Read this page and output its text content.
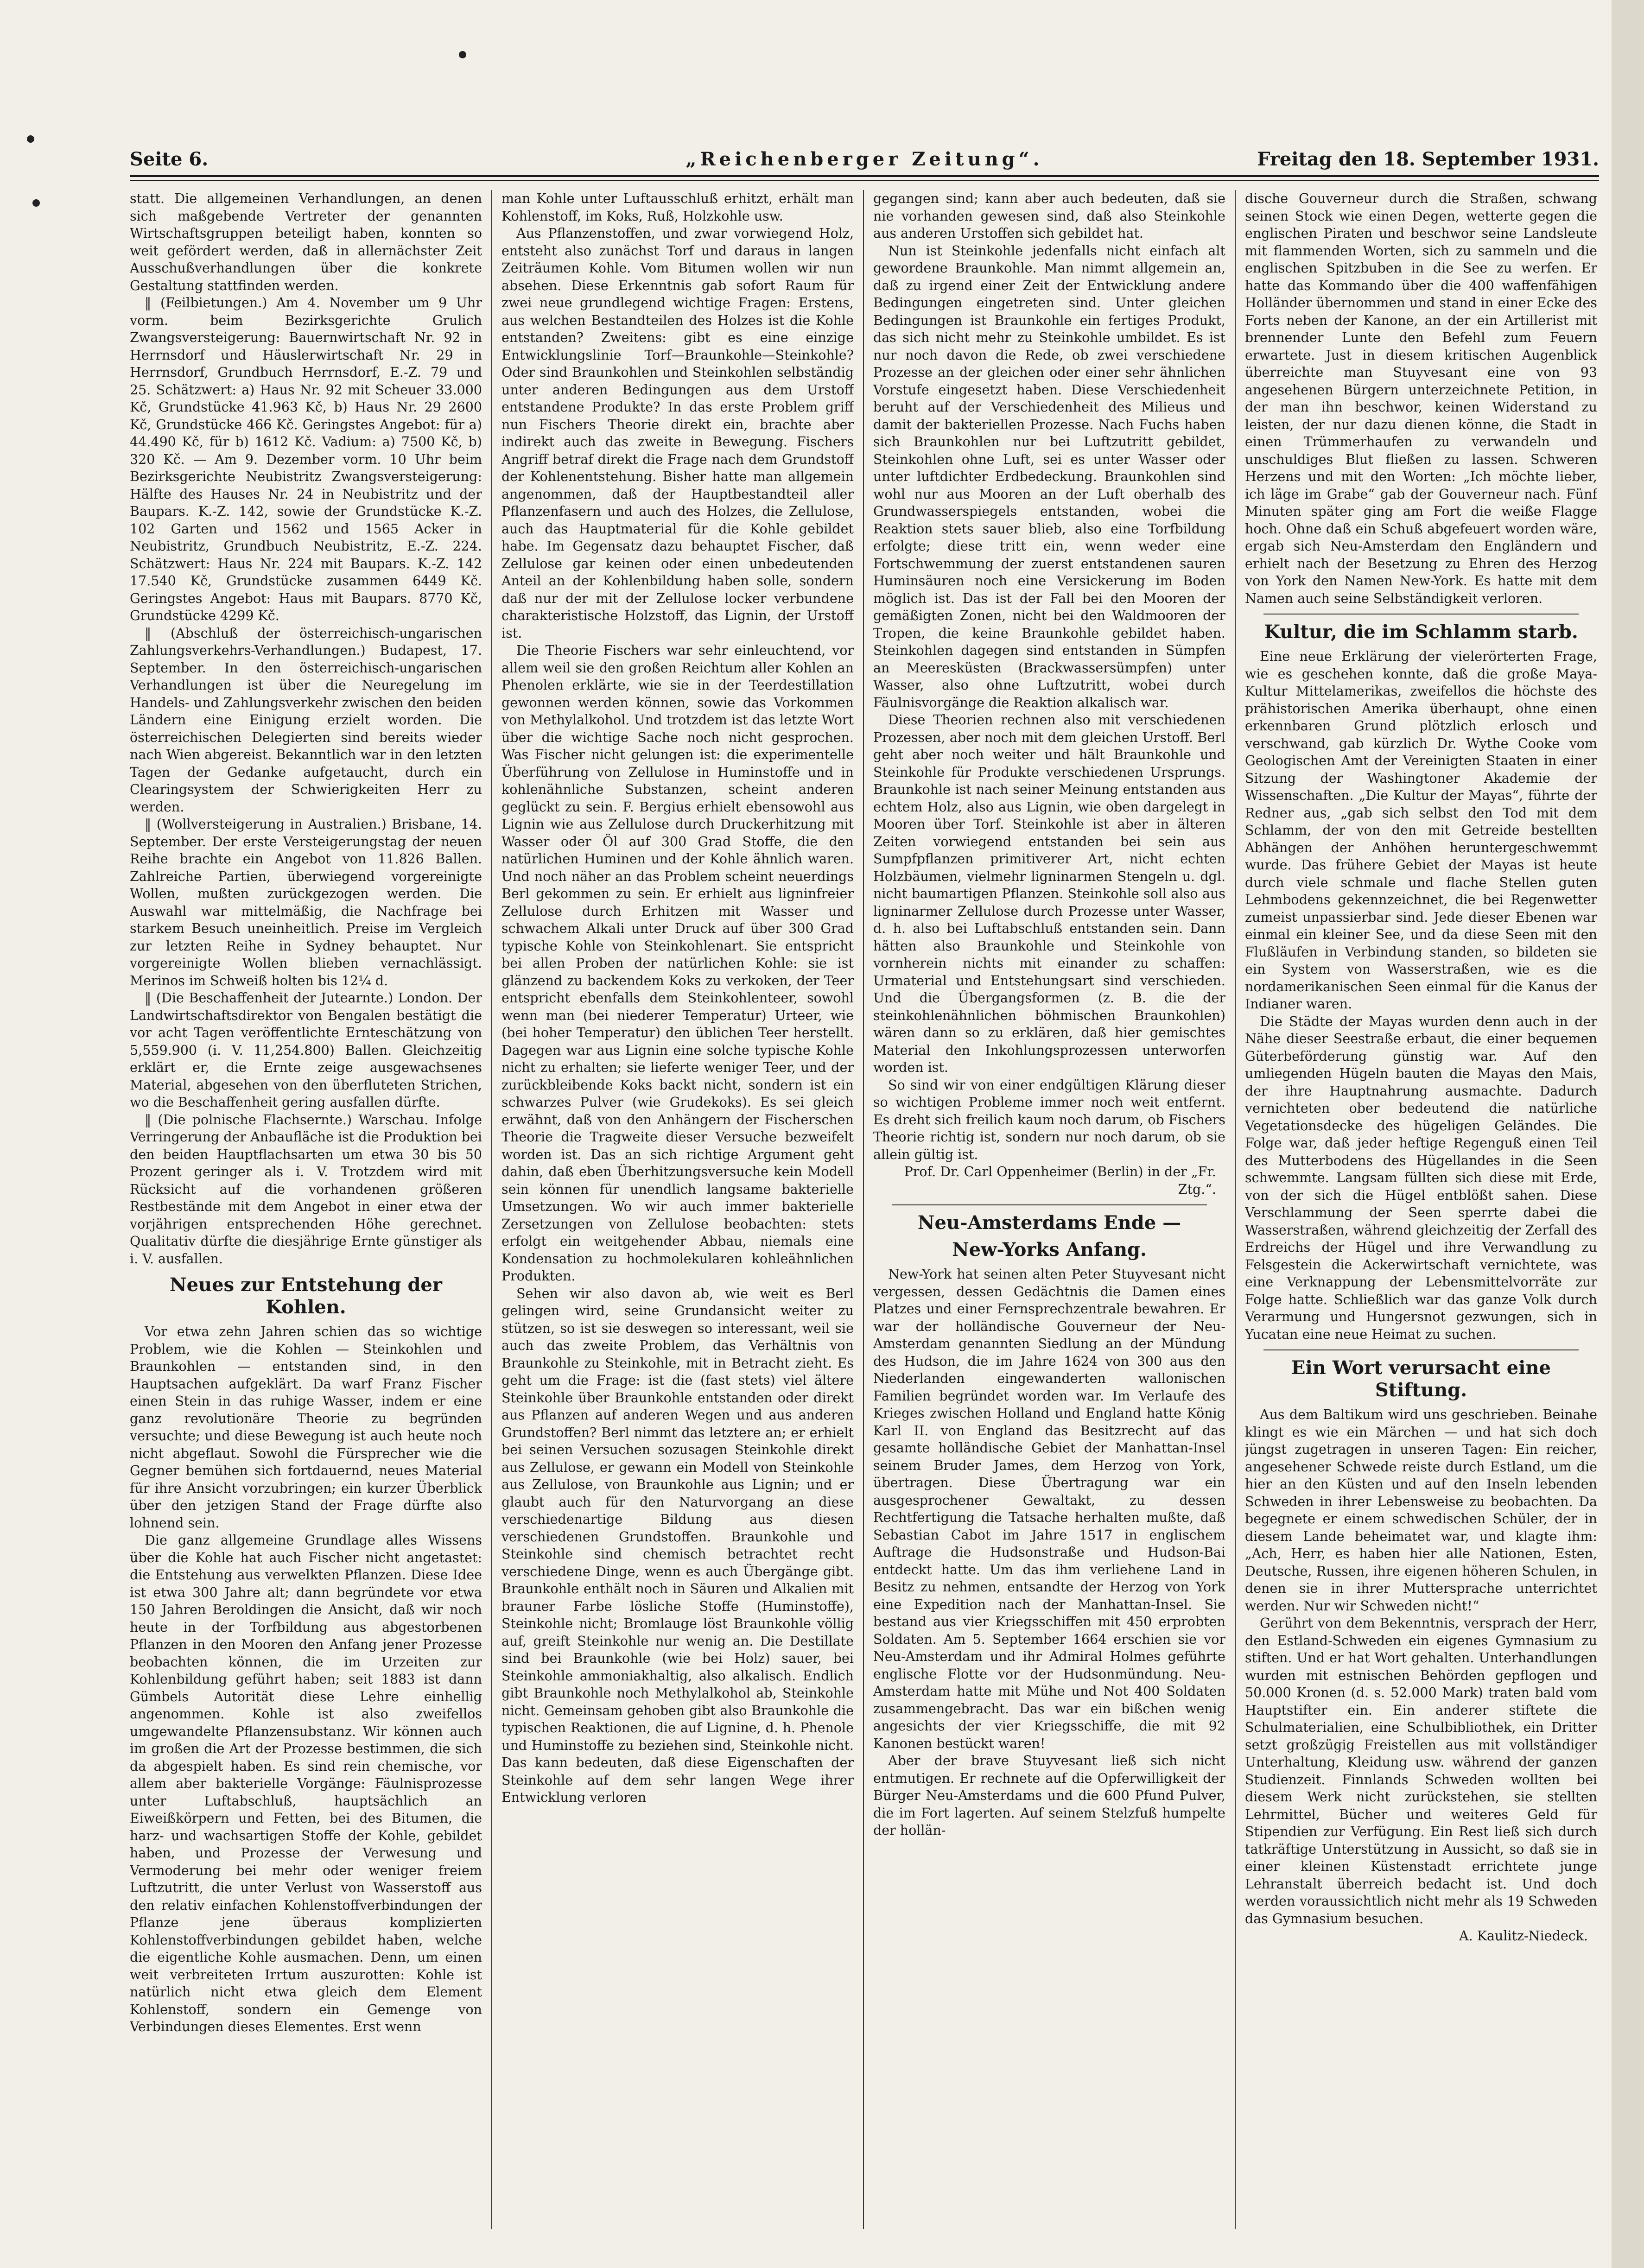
Seite 6.	„Reichenberger Zeitung“.	Freitag den 18. September 1931.

statt. Die allgemeinen Verhandlungen, an denen sich maßgebende Vertreter der genannten Wirtschaftsgruppen beteiligt haben, konnten so weit gefördert werden, daß in allernächster Zeit Ausschußverhandlungen über die konkrete Gestaltung stattfinden werden.

‖ (Feilbietungen.) Am 4. November um 9 Uhr vorm. beim Bezirksgerichte Grulich Zwangsversteigerung: Bauernwirtschaft Nr. 92 in Herrnsdorf und Häuslerwirtschaft Nr. 29 in Herrnsdorf, Grundbuch Herrnsdorf, E.-Z. 79 und 25. Schätzwert: a) Haus Nr. 92 mit Scheuer 33.000 Kč, Grundstücke 41.963 Kč, b) Haus Nr. 29 2600 Kč, Grundstücke 466 Kč. Geringstes Angebot: für a) 44.490 Kč, für b) 1612 Kč. Vadium: a) 7500 Kč, b) 320 Kč. — Am 9. Dezember vorm. 10 Uhr beim Bezirksgerichte Neubistritz Zwangsversteigerung: Hälfte des Hauses Nr. 24 in Neubistritz und der Baupars. K.-Z. 142, sowie der Grundstücke K.-Z. 102 Garten und 1562 und 1565 Acker in Neubistritz, Grundbuch Neubistritz, E.-Z. 224. Schätzwert: Haus Nr. 224 mit Baupars. K.-Z. 142 17.540 Kč, Grundstücke zusammen 6449 Kč. Geringstes Angebot: Haus mit Baupars. 8770 Kč, Grundstücke 4299 Kč.

‖ (Abschluß der österreichisch-ungarischen Zahlungsverkehrs-Verhandlungen.) Budapest, 17. September. In den österreichisch-ungarischen Verhandlungen ist über die Neuregelung im Handels- und Zahlungsverkehr zwischen den beiden Ländern eine Einigung erzielt worden. Die österreichischen Delegierten sind bereits wieder nach Wien abgereist. Bekanntlich war in den letzten Tagen der Gedanke aufgetaucht, durch ein Clearingsystem der Schwierigkeiten Herr zu werden.

‖ (Wollversteigerung in Australien.) Brisbane, 14. September. Der erste Versteigerungstag der neuen Reihe brachte ein Angebot von 11.826 Ballen. Zahlreiche Partien, überwiegend vorgereinigte Wollen, mußten zurückgezogen werden. Die Auswahl war mittelmäßig, die Nachfrage bei starkem Besuch uneinheitlich. Preise im Vergleich zur letzten Reihe in Sydney behauptet. Nur vorgereinigte Wollen blieben vernachlässigt. Merinos im Schweiß holten bis 12¼ d.

‖ (Die Beschaffenheit der Jutearnte.) London. Der Landwirtschaftsdirektor von Bengalen bestätigt die vor acht Tagen veröffentlichte Ernteschätzung von 5,559.900 (i. V. 11,254.800) Ballen. Gleichzeitig erklärt er, die Ernte zeige ausgewachsenes Material, abgesehen von den überfluteten Strichen, wo die Beschaffenheit gering ausfallen dürfte.

‖ (Die polnische Flachsernte.) Warschau. Infolge Verringerung der Anbaufläche ist die Produktion bei den beiden Hauptflachsarten um etwa 30 bis 50 Prozent geringer als i. V. Trotzdem wird mit Rücksicht auf die vorhandenen größeren Restbestände mit dem Angebot in einer etwa der vorjährigen entsprechenden Höhe gerechnet. Qualitativ dürfte die diesjährige Ernte günstiger als i. V. ausfallen.

Neues zur Entstehung der Kohlen.

Vor etwa zehn Jahren schien das so wichtige Problem, wie die Kohlen — Steinkohlen und Braunkohlen — entstanden sind, in den Hauptsachen aufgeklärt. Da warf Franz Fischer einen Stein in das ruhige Wasser, indem er eine ganz revolutionäre Theorie zu begründen versuchte; und diese Bewegung ist auch heute noch nicht abgeflaut. Sowohl die Fürsprecher wie die Gegner bemühen sich fortdauernd, neues Material für ihre Ansicht vorzubringen; ein kurzer Überblick über den jetzigen Stand der Frage dürfte also lohnend sein.

Die ganz allgemeine Grundlage alles Wissens über die Kohle hat auch Fischer nicht angetastet: die Entstehung aus verwelkten Pflanzen. Diese Idee ist etwa 300 Jahre alt; dann begründete vor etwa 150 Jahren Beroldingen die Ansicht, daß wir noch heute in der Torfbildung aus abgestorbenen Pflanzen in den Mooren den Anfang jener Prozesse beobachten können, die im Urzeiten zur Kohlenbildung geführt haben; seit 1883 ist dann Gümbels Autorität diese Lehre einhellig angenommen. Kohle ist also zweifellos umgewandelte Pflanzensubstanz. Wir können auch im großen die Art der Prozesse bestimmen, die sich da abgespielt haben. Es sind rein chemische, vor allem aber bakterielle Vorgänge: Fäulnisprozesse unter Luftabschluß, hauptsächlich an Eiweißkörpern und Fetten, bei des Bitumen, die harz- und wachsartigen Stoffe der Kohle, gebildet haben, und Prozesse der Verwesung und Vermoderung bei mehr oder weniger freiem Luftzutritt, die unter Verlust von Wasserstoff aus den relativ einfachen Kohlenstoffverbindungen der Pflanze jene überaus komplizierten Kohlenstoffverbindungen gebildet haben, welche die eigentliche Kohle ausmachen. Denn, um einen weit verbreiteten Irrtum auszurotten: Kohle ist natürlich nicht etwa gleich dem Element Kohlenstoff, sondern ein Gemenge von Verbindungen dieses Elementes. Erst wenn

man Kohle unter Luftausschluß erhitzt, erhält man Kohlenstoff, im Koks, Ruß, Holzkohle usw.

Aus Pflanzenstoffen, und zwar vorwiegend Holz, entsteht also zunächst Torf und daraus in langen Zeiträumen Kohle. Vom Bitumen wollen wir nun absehen. Diese Erkenntnis gab sofort Raum für zwei neue grundlegend wichtige Fragen: Erstens, aus welchen Bestandteilen des Holzes ist die Kohle entstanden? Zweitens: gibt es eine einzige Entwicklungslinie Torf—Braunkohle—Steinkohle? Oder sind Braunkohlen und Steinkohlen selbständig unter anderen Bedingungen aus dem Urstoff entstandene Produkte? In das erste Problem griff nun Fischers Theorie direkt ein, brachte aber indirekt auch das zweite in Bewegung. Fischers Angriff betraf direkt die Frage nach dem Grundstoff der Kohlenentstehung. Bisher hatte man allgemein angenommen, daß der Hauptbestandteil aller Pflanzenfasern und auch des Holzes, die Zellulose, auch das Hauptmaterial für die Kohle gebildet habe. Im Gegensatz dazu behauptet Fischer, daß Zellulose gar keinen oder einen unbedeutenden Anteil an der Kohlenbildung haben solle, sondern daß nur der mit der Zellulose locker verbundene charakteristische Holzstoff, das Lignin, der Urstoff ist.

Die Theorie Fischers war sehr einleuchtend, vor allem weil sie den großen Reichtum aller Kohlen an Phenolen erklärte, wie sie in der Teerdestillation gewonnen werden können, sowie das Vorkommen von Methylalkohol. Und trotzdem ist das letzte Wort über die wichtige Sache noch nicht gesprochen. Was Fischer nicht gelungen ist: die experimentelle Überführung von Zellulose in Huminstoffe und in kohlenähnliche Substanzen, scheint anderen geglückt zu sein. F. Bergius erhielt ebensowohl aus Lignin wie aus Zellulose durch Druckerhitzung mit Wasser oder Öl auf 300 Grad Stoffe, die den natürlichen Huminen und der Kohle ähnlich waren. Und noch näher an das Problem scheint neuerdings Berl gekommen zu sein. Er erhielt aus ligninfreier Zellulose durch Erhitzen mit Wasser und schwachem Alkali unter Druck auf über 300 Grad typische Kohle von Steinkohlenart. Sie entspricht bei allen Proben der natürlichen Kohle: sie ist glänzend zu backendem Koks zu verkoken, der Teer entspricht ebenfalls dem Steinkohlenteer, sowohl wenn man (bei niederer Temperatur) Urteer, wie (bei hoher Temperatur) den üblichen Teer herstellt. Dagegen war aus Lignin eine solche typische Kohle nicht zu erhalten; sie lieferte weniger Teer, und der zurückbleibende Koks backt nicht, sondern ist ein schwarzes Pulver (wie Grudekoks). Es sei gleich erwähnt, daß von den Anhängern der Fischerschen Theorie die Tragweite dieser Versuche bezweifelt worden ist. Das an sich richtige Argument geht dahin, daß eben Überhitzungsversuche kein Modell sein können für unendlich langsame bakterielle Umsetzungen. Wo wir auch immer bakterielle Zersetzungen von Zellulose beobachten: stets erfolgt ein weitgehender Abbau, niemals eine Kondensation zu hochmolekularen kohleähnlichen Produkten.

Sehen wir also davon ab, wie weit es Berl gelingen wird, seine Grundansicht weiter zu stützen, so ist sie deswegen so interessant, weil sie auch das zweite Problem, das Verhältnis von Braunkohle zu Steinkohle, mit in Betracht zieht. Es geht um die Frage: ist die (fast stets) viel ältere Steinkohle über Braunkohle entstanden oder direkt aus Pflanzen auf anderen Wegen und aus anderen Grundstoffen? Berl nimmt das letztere an; er erhielt bei seinen Versuchen sozusagen Steinkohle direkt aus Zellulose, er gewann ein Modell von Steinkohle aus Zellulose, von Braunkohle aus Lignin; und er glaubt auch für den Naturvorgang an diese verschiedenartige Bildung aus diesen verschiedenen Grundstoffen. Braunkohle und Steinkohle sind chemisch betrachtet recht verschiedene Dinge, wenn es auch Übergänge gibt. Braunkohle enthält noch in Säuren und Alkalien mit brauner Farbe lösliche Stoffe (Huminstoffe), Steinkohle nicht; Bromlauge löst Braunkohle völlig auf, greift Steinkohle nur wenig an. Die Destillate sind bei Braunkohle (wie bei Holz) sauer, bei Steinkohle ammoniakhaltig, also alkalisch. Endlich gibt Braunkohle noch Methylalkohol ab, Steinkohle nicht. Gemeinsam gehoben gibt also Braunkohle die typischen Reaktionen, die auf Lignine, d. h. Phenole und Huminstoffe zu beziehen sind, Steinkohle nicht. Das kann bedeuten, daß diese Eigenschaften der Steinkohle auf dem sehr langen Wege ihrer Entwicklung verloren

gegangen sind; kann aber auch bedeuten, daß sie nie vorhanden gewesen sind, daß also Steinkohle aus anderen Urstoffen sich gebildet hat.

Nun ist Steinkohle jedenfalls nicht einfach alt gewordene Braunkohle. Man nimmt allgemein an, daß zu irgend einer Zeit der Entwicklung andere Bedingungen eingetreten sind. Unter gleichen Bedingungen ist Braunkohle ein fertiges Produkt, das sich nicht mehr zu Steinkohle umbildet. Es ist nur noch davon die Rede, ob zwei verschiedene Prozesse an der gleichen oder einer sehr ähnlichen Vorstufe eingesetzt haben. Diese Verschiedenheit beruht auf der Verschiedenheit des Milieus und damit der bakteriellen Prozesse. Nach Fuchs haben sich Braunkohlen nur bei Luftzutritt gebildet, Steinkohlen ohne Luft, sei es unter Wasser oder unter luftdichter Erdbedeckung. Braunkohlen sind wohl nur aus Mooren an der Luft oberhalb des Grundwasserspiegels entstanden, wobei die Reaktion stets sauer blieb, also eine Torfbildung erfolgte; diese tritt ein, wenn weder eine Fortschwemmung der zuerst entstandenen sauren Huminsäuren noch eine Versickerung im Boden möglich ist. Das ist der Fall bei den Mooren der gemäßigten Zonen, nicht bei den Waldmooren der Tropen, die keine Braunkohle gebildet haben. Steinkohlen dagegen sind entstanden in Sümpfen an Meeresküsten (Brackwassersümpfen) unter Wasser, also ohne Luftzutritt, wobei durch Fäulnisvorgänge die Reaktion alkalisch war.

Diese Theorien rechnen also mit verschiedenen Prozessen, aber noch mit dem gleichen Urstoff. Berl geht aber noch weiter und hält Braunkohle und Steinkohle für Produkte verschiedenen Ursprungs. Braunkohle ist nach seiner Meinung entstanden aus echtem Holz, also aus Lignin, wie oben dargelegt in Mooren über Torf. Steinkohle ist aber in älteren Zeiten vorwiegend entstanden bei sein aus Sumpfpflanzen primitiverer Art, nicht echten Holzbäumen, vielmehr ligninarmen Stengeln u. dgl. nicht baumartigen Pflanzen. Steinkohle soll also aus ligninarmer Zellulose durch Prozesse unter Wasser, d. h. also bei Luftabschluß entstanden sein. Dann hätten also Braunkohle und Steinkohle von vornherein nichts mit einander zu schaffen: Urmaterial und Entstehungsart sind verschieden. Und die Übergangsformen (z. B. die der steinkohlenähnlichen böhmischen Braunkohlen) wären dann so zu erklären, daß hier gemischtes Material den Inkohlungsprozessen unterworfen worden ist.

So sind wir von einer endgültigen Klärung dieser so wichtigen Probleme immer noch weit entfernt. Es dreht sich freilich kaum noch darum, ob Fischers Theorie richtig ist, sondern nur noch darum, ob sie allein gültig ist.

Prof. Dr. Carl Oppenheimer (Berlin) in der „Fr. Ztg.“.

Neu-Amsterdams Ende —
New-Yorks Anfang.

New-York hat seinen alten Peter Stuyvesant nicht vergessen, dessen Gedächtnis die Damen eines Platzes und einer Fernsprechzentrale bewahren. Er war der holländische Gouverneur der Neu-Amsterdam genannten Siedlung an der Mündung des Hudson, die im Jahre 1624 von 300 aus den Niederlanden eingewanderten wallonischen Familien begründet worden war. Im Verlaufe des Krieges zwischen Holland und England hatte König Karl II. von England das Besitzrecht auf das gesamte holländische Gebiet der Manhattan-Insel seinem Bruder James, dem Herzog von York, übertragen. Diese Übertragung war ein ausgesprochener Gewaltakt, zu dessen Rechtfertigung die Tatsache herhalten mußte, daß Sebastian Cabot im Jahre 1517 in englischem Auftrage die Hudsonstraße und Hudson-Bai entdeckt hatte. Um das ihm verliehene Land in Besitz zu nehmen, entsandte der Herzog von York eine Expedition nach der Manhattan-Insel. Sie bestand aus vier Kriegsschiffen mit 450 erprobten Soldaten. Am 5. September 1664 erschien sie vor Neu-Amsterdam und ihr Admiral Holmes geführte englische Flotte vor der Hudsonmündung. Neu-Amsterdam hatte mit Mühe und Not 400 Soldaten zusammengebracht. Das war ein bißchen wenig angesichts der vier Kriegsschiffe, die mit 92 Kanonen bestückt waren!

Aber der brave Stuyvesant ließ sich nicht entmutigen. Er rechnete auf die Opferwilligkeit der Bürger Neu-Amsterdams und die 600 Pfund Pulver, die im Fort lagerten. Auf seinem Stelzfuß humpelte der hollän-

dische Gouverneur durch die Straßen, schwang seinen Stock wie einen Degen, wetterte gegen die englischen Piraten und beschwor seine Landsleute mit flammenden Worten, sich zu sammeln und die englischen Spitzbuben in die See zu werfen. Er hatte das Kommando über die 400 waffenfähigen Holländer übernommen und stand in einer Ecke des Forts neben der Kanone, an der ein Artillerist mit brennender Lunte den Befehl zum Feuern erwartete. Just in diesem kritischen Augenblick überreichte man Stuyvesant eine von 93 angesehenen Bürgern unterzeichnete Petition, in der man ihn beschwor, keinen Widerstand zu leisten, der nur dazu dienen könne, die Stadt in einen Trümmerhaufen zu verwandeln und unschuldiges Blut fließen zu lassen. Schweren Herzens und mit den Worten: „Ich möchte lieber, ich läge im Grabe“ gab der Gouverneur nach. Fünf Minuten später ging am Fort die weiße Flagge hoch. Ohne daß ein Schuß abgefeuert worden wäre, ergab sich Neu-Amsterdam den Engländern und erhielt nach der Besetzung zu Ehren des Herzog von York den Namen New-York. Es hatte mit dem Namen auch seine Selbständigkeit verloren.

Kultur, die im Schlamm starb.

Eine neue Erklärung der vielerörterten Frage, wie es geschehen konnte, daß die große Maya-Kultur Mittelamerikas, zweifellos die höchste des prähistorischen Amerika überhaupt, ohne einen erkennbaren Grund plötzlich erlosch und verschwand, gab kürzlich Dr. Wythe Cooke vom Geologischen Amt der Vereinigten Staaten in einer Sitzung der Washingtoner Akademie der Wissenschaften. „Die Kultur der Mayas“, führte der Redner aus, „gab sich selbst den Tod mit dem Schlamm, der von den mit Getreide bestellten Abhängen der Anhöhen heruntergeschwemmt wurde. Das frühere Gebiet der Mayas ist heute durch viele schmale und flache Stellen guten Lehmbodens gekennzeichnet, die bei Regenwetter zumeist unpassierbar sind. Jede dieser Ebenen war einmal ein kleiner See, und da diese Seen mit den Flußläufen in Verbindung standen, so bildeten sie ein System von Wasserstraßen, wie es die nordamerikanischen Seen einmal für die Kanus der Indianer waren.

Die Städte der Mayas wurden denn auch in der Nähe dieser Seestraße erbaut, die einer bequemen Güterbeförderung günstig war. Auf den umliegenden Hügeln bauten die Mayas den Mais, der ihre Hauptnahrung ausmachte. Dadurch vernichteten ober bedeutend die natürliche Vegetationsdecke des hügeligen Geländes. Die Folge war, daß jeder heftige Regenguß einen Teil des Mutterbodens des Hügellandes in die Seen schwemmte. Langsam füllten sich diese mit Erde, von der sich die Hügel entblößt sahen. Diese Verschlammung der Seen sperrte dabei die Wasserstraßen, während gleichzeitig der Zerfall des Erdreichs der Hügel und ihre Verwandlung zu Felsgestein die Ackerwirtschaft vernichtete, was eine Verknappung der Lebensmittelvorräte zur Folge hatte. Schließlich war das ganze Volk durch Verarmung und Hungersnot gezwungen, sich in Yucatan eine neue Heimat zu suchen.

Ein Wort verursacht eine Stiftung.

Aus dem Baltikum wird uns geschrieben. Beinahe klingt es wie ein Märchen — und hat sich doch jüngst zugetragen in unseren Tagen: Ein reicher, angesehener Schwede reiste durch Estland, um die hier an den Küsten und auf den Inseln lebenden Schweden in ihrer Lebensweise zu beobachten. Da begegnete er einem schwedischen Schüler, der in diesem Lande beheimatet war, und klagte ihm: „Ach, Herr, es haben hier alle Nationen, Esten, Deutsche, Russen, ihre eigenen höheren Schulen, in denen sie in ihrer Muttersprache unterrichtet werden. Nur wir Schweden nicht!“

Gerührt von dem Bekenntnis, versprach der Herr, den Estland-Schweden ein eigenes Gymnasium zu stiften. Und er hat Wort gehalten. Unterhandlungen wurden mit estnischen Behörden gepflogen und 50.000 Kronen (d. s. 52.000 Mark) traten bald vom Hauptstifter ein. Ein anderer stiftete die Schulmaterialien, eine Schulbibliothek, ein Dritter setzt großzügig Freistellen aus mit vollständiger Unterhaltung, Kleidung usw. während der ganzen Studienzeit. Finnlands Schweden wollten bei diesem Werk nicht zurückstehen, sie stellten Lehrmittel, Bücher und weiteres Geld für Stipendien zur Verfügung. Ein Rest ließ sich durch tatkräftige Unterstützung in Aussicht, so daß sie in einer kleinen Küstenstadt errichtete junge Lehranstalt überreich bedacht ist. Und doch werden voraussichtlich nicht mehr als 19 Schweden das Gymnasium besuchen.

A. Kaulitz-Niedeck.
